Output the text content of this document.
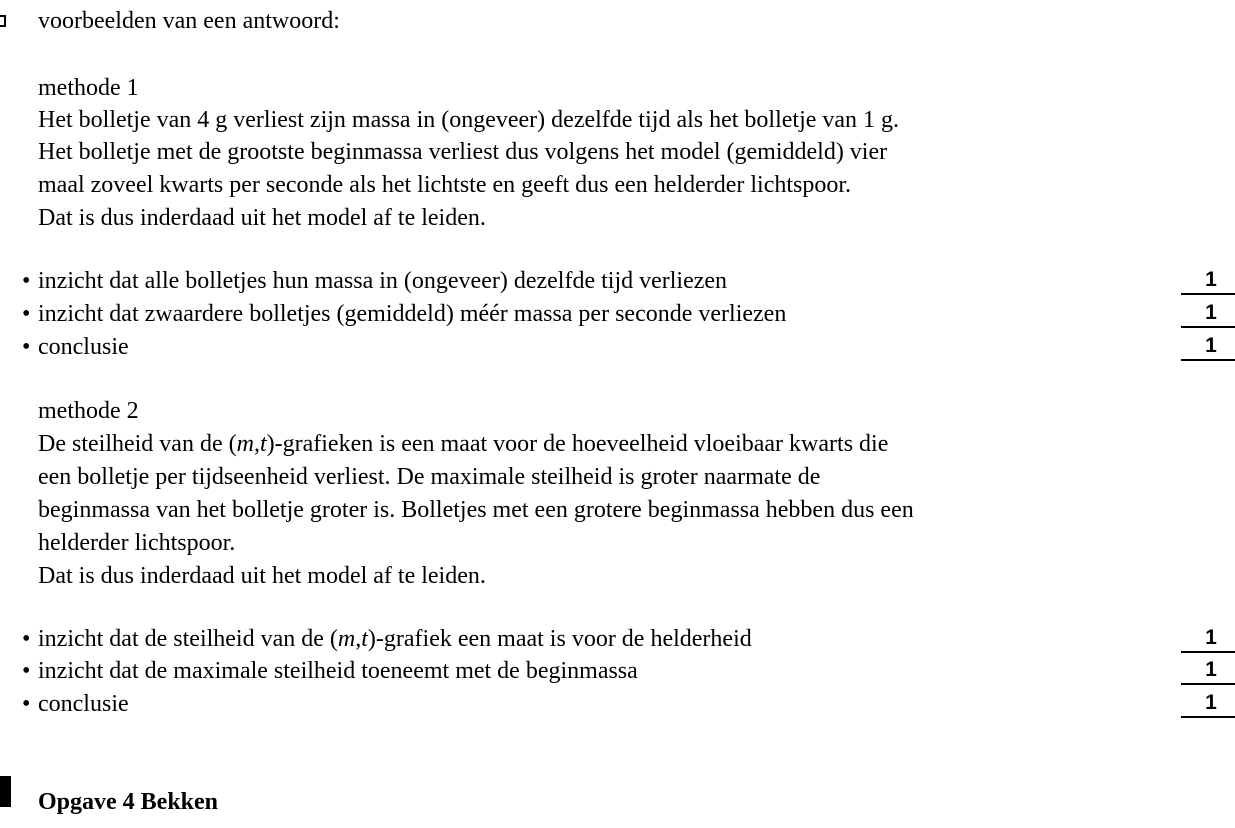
voorbeelden van een antwoord:
methode 1
Het bolletje van 4 g verliest zijn massa in (ongeveer) dezelfde tijd als het bolletje van 1 g.
Het bolletje met de grootste beginmassa verliest dus volgens het model (gemiddeld) vier
maal zoveel kwarts per seconde als het lichtste en geeft dus een helderder lichtspoor.
Dat is dus inderdaad uit het model af te leiden.
• inzicht dat alle bolletjes hun massa in (ongeveer) dezelfde tijd verliezen	1
• inzicht dat zwaardere bolletjes (gemiddeld) méér massa per seconde verliezen	1
• conclusie	1
methode 2
De steilheid van de (m,t)-grafieken is een maat voor de hoeveelheid vloeibaar kwarts die
een bolletje per tijdseenheid verliest. De maximale steilheid is groter naarmate de
beginmassa van het bolletje groter is. Bolletjes met een grotere beginmassa hebben dus een
helderder lichtspoor.
Dat is dus inderdaad uit het model af te leiden.
• inzicht dat de steilheid van de (m,t)-grafiek een maat is voor de helderheid	1
• inzicht dat de maximale steilheid toeneemt met de beginmassa	1
• conclusie	1
Opgave 4 Bekken
